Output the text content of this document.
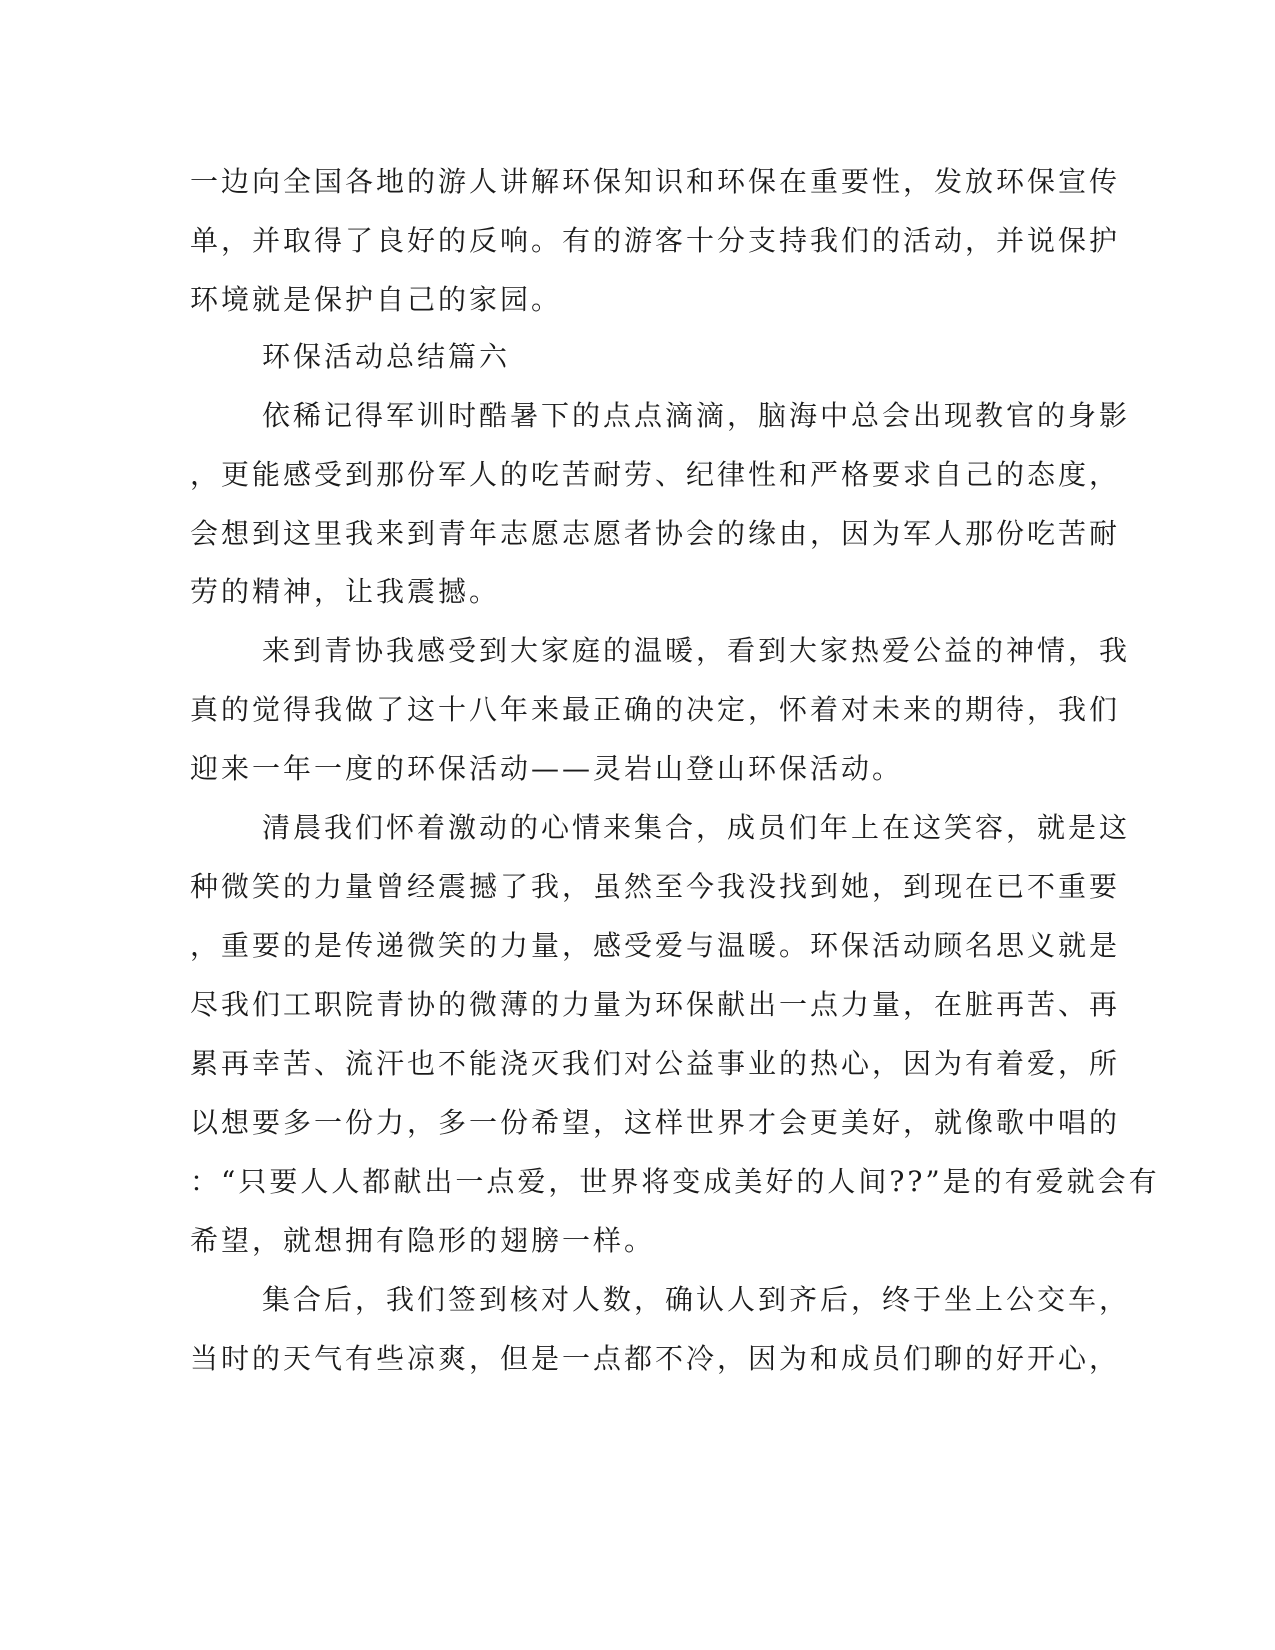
一边向全国各地的游人讲解环保知识和环保在重要性，发放环保宣传
单，并取得了良好的反响。有的游客十分支持我们的活动，并说保护
环境就是保护自己的家园。
环保活动总结篇六
依稀记得军训时酷暑下的点点滴滴，脑海中总会出现教官的身影
，更能感受到那份军人的吃苦耐劳、纪律性和严格要求自己的态度，
会想到这里我来到青年志愿志愿者协会的缘由，因为军人那份吃苦耐
劳的精神，让我震撼。
来到青协我感受到大家庭的温暖，看到大家热爱公益的神情，我
真的觉得我做了这十八年来最正确的决定，怀着对未来的期待，我们
迎来一年一度的环保活动——灵岩山登山环保活动。
清晨我们怀着激动的心情来集合，成员们年上在这笑容，就是这
种微笑的力量曾经震撼了我，虽然至今我没找到她，到现在已不重要
，重要的是传递微笑的力量，感受爱与温暖。环保活动顾名思义就是
尽我们工职院青协的微薄的力量为环保献出一点力量，在脏再苦、再
累再幸苦、流汗也不能浇灭我们对公益事业的热心，因为有着爱，所
以想要多一份力，多一份希望，这样世界才会更美好，就像歌中唱的
：“只要人人都献出一点爱，世界将变成美好的人间??”是的有爱就会有
希望，就想拥有隐形的翅膀一样。
集合后，我们签到核对人数，确认人到齐后，终于坐上公交车，
当时的天气有些凉爽，但是一点都不冷，因为和成员们聊的好开心，
